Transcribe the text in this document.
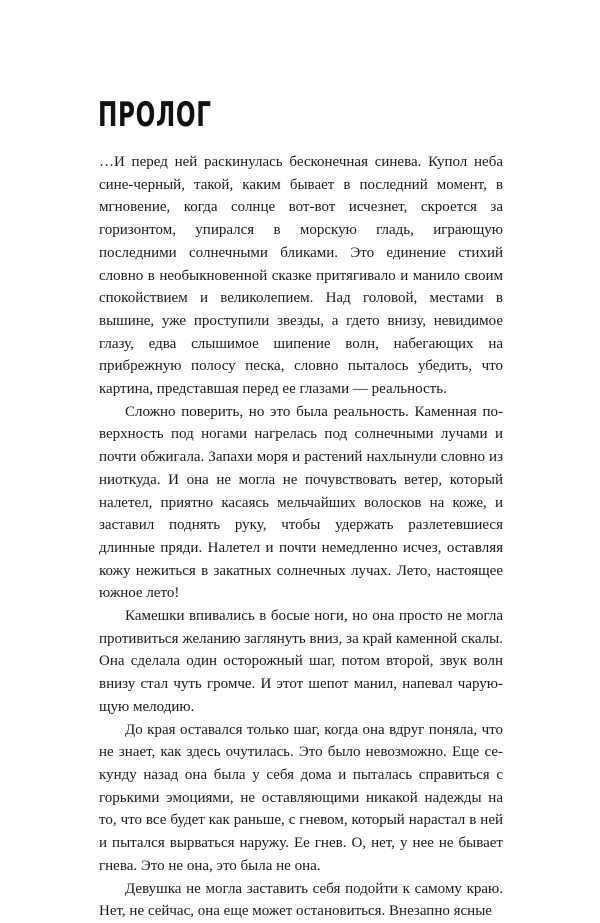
ПРОЛОГ

…И перед ней раскинулась бесконечная синева. Купол неба сине-черный, такой, каким бывает в последний момент, в мгновение, когда солнце вот-вот исчезнет, скроется за горизонтом, упирался в морскую гладь, играющую последними солнечными бликами. Это единение стихий словно в необыкновенной сказке притягивало и манило своим спокойствием и великолепием. Над головой, местами в вышине, уже проступили звезды, а гдето внизу, невидимое глазу, едва слышимое шипение волн, набегающих на прибрежную полосу песка, словно пыталось убедить, что картина, представшая перед ее глазами — реальность.

Сложно поверить, но это была реальность. Каменная поверхность под ногами нагрелась под солнечными лучами и почти обжигала. Запахи моря и растений нахлынули словно из ниоткуда. И она не могла не почувствовать ветер, который налетел, приятно касаясь мельчайших волосков на коже, и заставил поднять руку, чтобы удержать разлетевшиеся длинные пряди. Налетел и почти немедленно исчез, оставляя кожу нежиться в закатных солнечных лучах. Лето, настоящее южное лето!

Камешки впивались в босые ноги, но она просто не могла противиться желанию заглянуть вниз, за край каменной скалы. Она сделала один осторожный шаг, потом второй, звук волн внизу стал чуть громче. И этот шепот манил, напевал чарующую мелодию.

До края оставался только шаг, когда она вдруг поняла, что не знает, как здесь очутилась. Это было невозможно. Еще секунду назад она была у себя дома и пыталась справиться с горькими эмоциями, не оставляющими никакой надежды на то, что все будет как раньше, с гневом, который нарастал в ней и пытался вырваться наружу. Ее гнев. О, нет, у нее не бывает гнева. Это не она, это была не она.

Девушка не могла заставить себя подойти к самому краю. Нет, не сейчас, она еще может остановиться. Внезапно ясные
